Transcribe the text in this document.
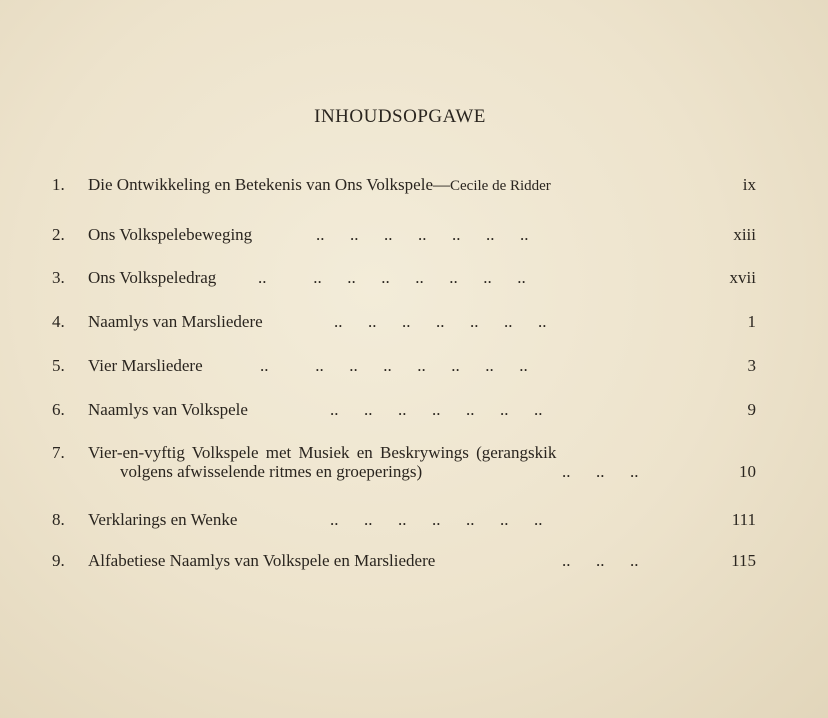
INHOUDSOPGAWE
1. Die Ontwikkeling en Betekenis van Ons Volkspele—Cecile de Ridder	ix
2. Ons Volkspelebeweging	..      ..      ..      ..      ..      ..      ..	xiii
3. Ons Volkspeledrag ..           ..      ..      ..      ..      ..      ..      ..	xvii
4. Naamlys van Marsliedere	..      ..      ..      ..      ..      ..      ..	1
5. Vier Marsliedere	..           ..      ..      ..      ..      ..      ..      ..	3
6. Naamlys van Volkspele	..      ..      ..      ..      ..      ..      ..	9
7. Vier-en-vyftig Volkspele met Musiek en Beskrywings (gerangskik
volgens afwisselende ritmes en groeperings)	..      ..      ..	10
8. Verklarings en Wenke	..      ..      ..      ..      ..      ..      ..	111
9. Alfabetiese Naamlys van Volkspele en Marsliedere	..      ..      ..	115
